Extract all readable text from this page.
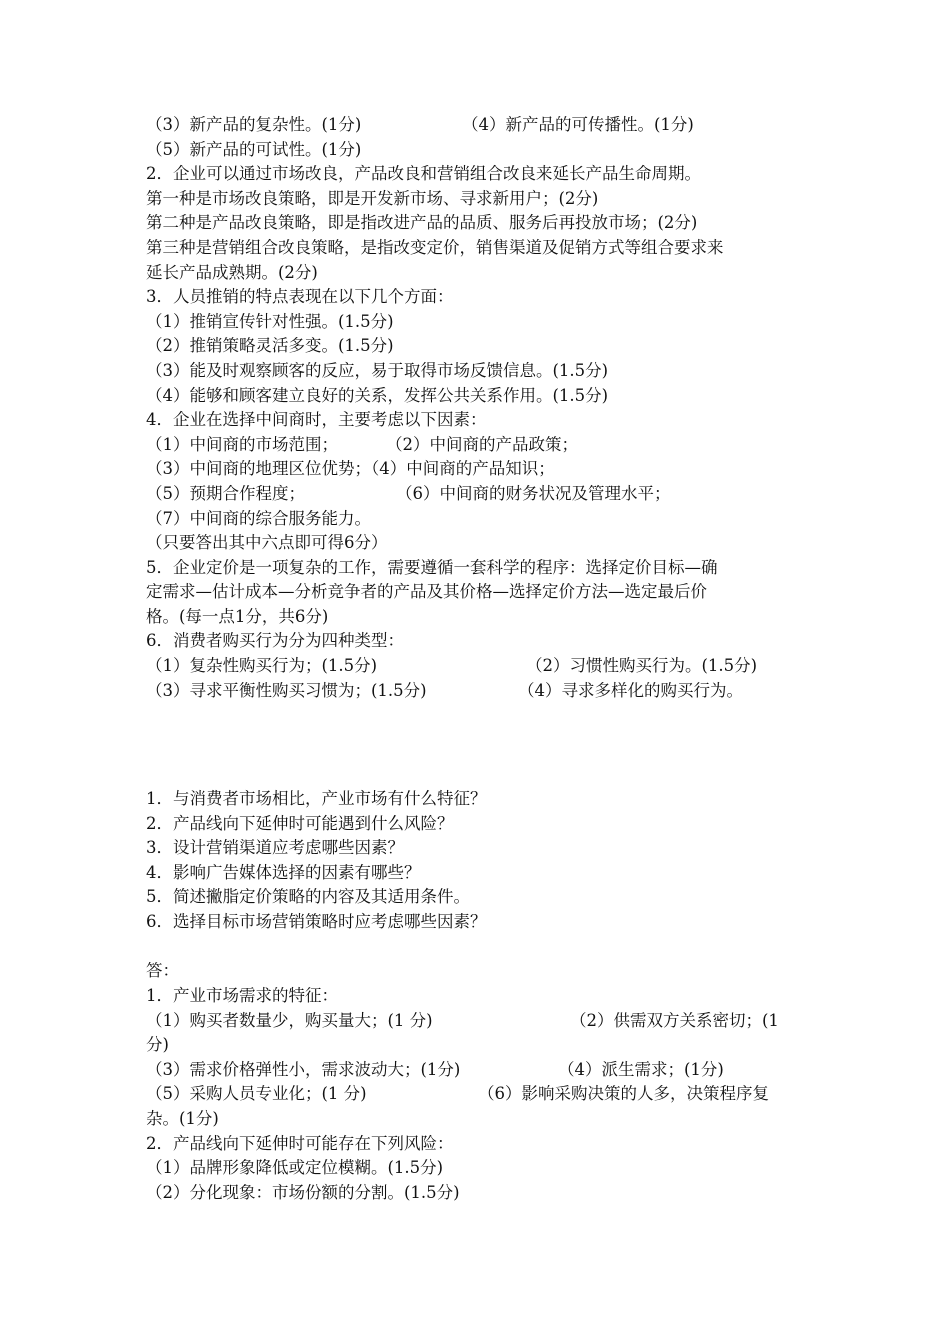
（3）新产品的复杂性。(1分)	（4）新产品的可传播性。(1分)
（5）新产品的可试性。(1分)
2．企业可以通过市场改良，产品改良和营销组合改良来延长产品生命周期。
第一种是市场改良策略，即是开发新市场、寻求新用户；(2分)
第二种是产品改良策略，即是指改进产品的品质、服务后再投放市场；(2分)
第三种是营销组合改良策略，是指改变定价，销售渠道及促销方式等组合要求来
延长产品成熟期。(2分)
3．人员推销的特点表现在以下几个方面：
（1）推销宣传针对性强。(1.5分)
（2）推销策略灵活多变。(1.5分)
（3）能及时观察顾客的反应，易于取得市场反馈信息。(1.5分)
（4）能够和顾客建立良好的关系，发挥公共关系作用。(1.5分)
4．企业在选择中间商时，主要考虑以下因素：
（1）中间商的市场范围；	（2）中间商的产品政策；
（3）中间商的地理区位优势；（4）中间商的产品知识；
（5）预期合作程度；	（6）中间商的财务状况及管理水平；
（7）中间商的综合服务能力。
（只要答出其中六点即可得6分）
5．企业定价是一项复杂的工作，需要遵循一套科学的程序：选择定价目标—确
定需求—估计成本—分析竞争者的产品及其价格—选择定价方法—选定最后价
格。(每一点1分，共6分)
6．消费者购买行为分为四种类型：
（1）复杂性购买行为；(1.5分)	（2）习惯性购买行为。(1.5分)
（3）寻求平衡性购买习惯为；(1.5分)	（4）寻求多样化的购买行为。
1．与消费者市场相比，产业市场有什么特征？
2．产品线向下延伸时可能遇到什么风险？
3．设计营销渠道应考虑哪些因素？
4．影响广告媒体选择的因素有哪些？
5．简述撇脂定价策略的内容及其适用条件。
6．选择目标市场营销策略时应考虑哪些因素？
答：
1．产业市场需求的特征：
（1）购买者数量少，购买量大；(1 分)	（2）供需双方关系密切；(1
分)
（3）需求价格弹性小，需求波动大；(1分)	（4）派生需求；(1分)
（5）采购人员专业化；(1 分)	（6）影响采购决策的人多，决策程序复
杂。(1分)
2．产品线向下延伸时可能存在下列风险：
（1）品牌形象降低或定位模糊。(1.5分)
（2）分化现象：市场份额的分割。(1.5分)
